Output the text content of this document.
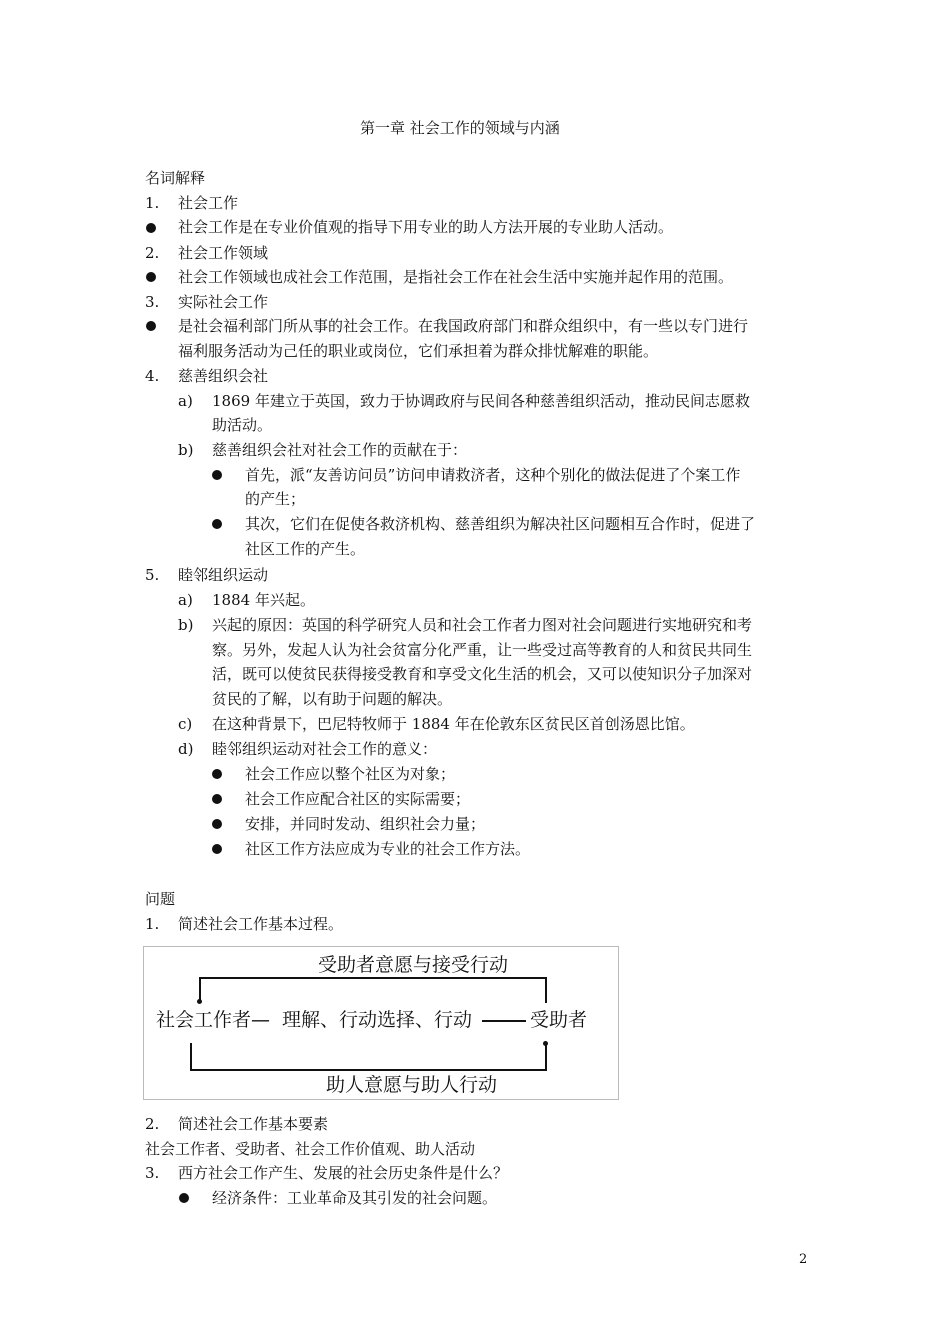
第一章 社会工作的领域与内涵
名词解释
1. 社会工作
社会工作是在专业价值观的指导下用专业的助人方法开展的专业助人活动。
2. 社会工作领域
社会工作领域也成社会工作范围，是指社会工作在社会生活中实施并起作用的范围。
3. 实际社会工作
是社会福利部门所从事的社会工作。在我国政府部门和群众组织中，有一些以专门进行
福利服务活动为己任的职业或岗位，它们承担着为群众排忧解难的职能。
4. 慈善组织会社
a) 1869 年建立于英国，致力于协调政府与民间各种慈善组织活动，推动民间志愿救
助活动。
b) 慈善组织会社对社会工作的贡献在于：
首先，派“友善访问员”访问申请救济者，这种个别化的做法促进了个案工作
的产生；
其次，它们在促使各救济机构、慈善组织为解决社区问题相互合作时，促进了
社区工作的产生。
5. 睦邻组织运动
a) 1884 年兴起。
b) 兴起的原因：英国的科学研究人员和社会工作者力图对社会问题进行实地研究和考
察。另外，发起人认为社会贫富分化严重，让一些受过高等教育的人和贫民共同生
活，既可以使贫民获得接受教育和享受文化生活的机会，又可以使知识分子加深对
贫民的了解，以有助于问题的解决。
c) 在这种背景下，巴尼特牧师于 1884 年在伦敦东区贫民区首创汤恩比馆。
d) 睦邻组织运动对社会工作的意义：
社会工作应以整个社区为对象；
社会工作应配合社区的实际需要；
安排，并同时发动、组织社会力量；
社区工作方法应成为专业的社会工作方法。
问题
1. 简述社会工作基本过程。
受助者意愿与接受行动
社会工作者— 理解、行动选择、行动	受助者
助人意愿与助人行动
2. 简述社会工作基本要素
社会工作者、受助者、社会工作价值观、助人活动
3. 西方社会工作产生、发展的社会历史条件是什么？
经济条件：工业革命及其引发的社会问题。
2
